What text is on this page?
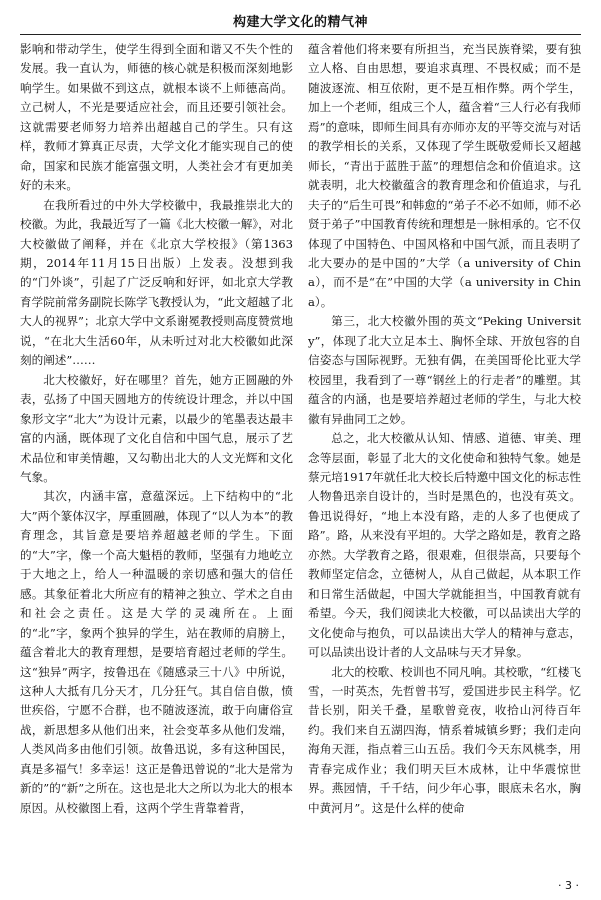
构建大学文化的精气神

影响和带动学生，使学生得到全面和谐又不失个性的发展。我一直认为，师德的核心就是积极而深刻地影响学生。如果做不到这点，就根本谈不上师德高尚。立己树人，不光是要适应社会，而且还要引领社会。这就需要老师努力培养出超越自己的学生。只有这样，教师才算真正尽责，大学文化才能实现自己的使命，国家和民族才能富强文明，人类社会才有更加美好的未来。

在我所看过的中外大学校徽中，我最推崇北大的校徽。为此，我最近写了一篇《北大校徽一解》，对北大校徽做了阐释，并在《北京大学校报》（第1363期，2014年11月15日出版）上发表。没想到我的“门外谈”，引起了广泛反响和好评，如北京大学教育学院前常务副院长陈学飞教授认为，“此文超越了北大人的视界”；北京大学中文系谢冕教授则高度赞赏地说，“在北大生活60年，从未听过对北大校徽如此深刻的阐述”……

北大校徽好，好在哪里？首先，她方正圆融的外表，弘扬了中国天圆地方的传统设计理念，并以中国象形文字“北大”为设计元素，以最少的笔墨表达最丰富的内涵，既体现了文化自信和中国气息，展示了艺术品位和审美情趣，又勾勒出北大的人文光辉和文化气象。

其次，内涵丰富，意蕴深远。上下结构中的“北大”两个篆体汉字，厚重圆融，体现了“以人为本”的教育理念，其旨意是要培养超越老师的学生。下面的“大”字，像一个高大魁梧的教师，坚强有力地屹立于大地之上，给人一种温暖的亲切感和强大的信任感。其象征着北大所应有的精神之独立、学术之自由和社会之责任。这是大学的灵魂所在。上面的“北”字，象两个独异的学生，站在教师的肩膀上，蕴含着北大的教育理想，是要培育超过老师的学生。这“独异”两字，按鲁迅在《随感录三十八》中所说，这种人大抵有几分天才，几分狂气。其自信自傲，愤世疾俗，宁愿不合群，也不随波逐流，敢于向庸俗宣战，新思想多从他们出来，社会变革多从他们发端，人类风尚多由他们引领。故鲁迅说，多有这种国民，真是多福气！多幸运！这正是鲁迅曾说的“北大是常为新的”的“新”之所在。这也是北大之所以为北大的根本原因。从校徽图上看，这两个学生背靠着背，

蕴含着他们将来要有所担当，充当民族脊梁，要有独立人格、自由思想，要追求真理、不畏权威；而不是随波逐流、相互依附，更不是互相作弊。两个学生，加上一个老师，组成三个人，蕴含着“三人行必有我师焉”的意味，即师生间具有亦师亦友的平等交流与对话的教学相长的关系，又体现了学生既敬爱师长又超越师长，“青出于蓝胜于蓝”的理想信念和价值追求。这就表明，北大校徽蕴含的教育理念和价值追求，与孔夫子的“后生可畏”和韩愈的“弟子不必不如师，师不必贤于弟子”中国教育传统和理想是一脉相承的。它不仅体现了中国特色、中国风格和中国气派，而且表明了北大要办的是中国的”大学（a university of China），而不是“在”中国的大学（a university in China）。

第三，北大校徽外围的英文“Peking University”，体现了北大立足本土、胸怀全球、开放包容的自信姿态与国际视野。无独有偶，在美国哥伦比亚大学校园里，我看到了一尊“钢丝上的行走者”的雕塑。其蕴含的内涵，也是要培养超过老师的学生，与北大校徽有异曲同工之妙。

总之，北大校徽从认知、情感、道德、审美、理念等层面，彰显了北大的文化使命和独特气象。她是蔡元培1917年就任北大校长后特邀中国文化的标志性人物鲁迅亲自设计的，当时是黑色的，也没有英文。鲁迅说得好，“地上本没有路，走的人多了也便成了路”。路，从来没有平坦的。大学之路如是，教育之路亦然。大学教育之路，很艰难，但很崇高，只要每个教师坚定信念，立德树人，从自己做起，从本职工作和日常生活做起，中国大学就能担当，中国教育就有希望。今天，我们阅读北大校徽，可以品读出大学的文化使命与抱负，可以品读出大学人的精神与意志，可以品读出设计者的人文品味与天才异象。

北大的校歌、校训也不同凡响。其校歌，“红楼飞雪，一时英杰，先哲曾书写，爱国进步民主科学。忆昔长别，阳关千叠，星歌曾竞夜，收拾山河待百年约。我们来自五湖四海，情系着城镇乡野；我们走向海角天涯，指点着三山五岳。我们今天东风桃李，用青春完成作业；我们明天巨木成林，让中华震惊世界。燕园情，千千结，问少年心事，眼底未名水，胸中黄河月”。这是什么样的使命

· 3 ·
